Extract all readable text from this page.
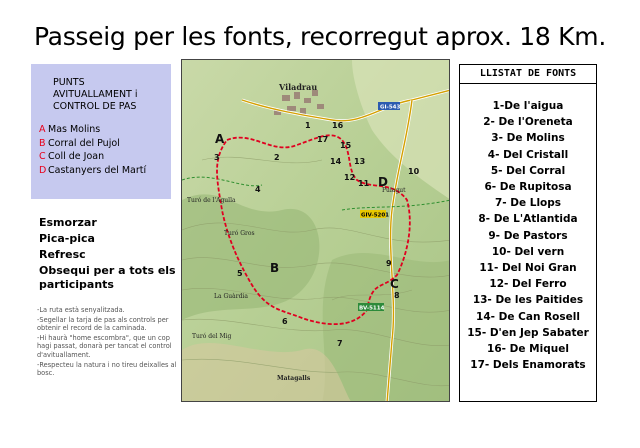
Passeig per les fonts, recorregut aprox. 18 Km.
PUNTS
AVITUALLAMENT i
CONTROL DE PAS
A Mas Molins
B Corral del Pujol
C Coll de Joan
D Castanyers del Martí
Esmorzar
Pica-pica
Refresc
Obsequi per a tots els participants
-La ruta està senyalitzada.
-Segellar la tarja de pas als controls per obtenir el record de la caminada.
-Hi haurà "home escombra", que un cop hagi passat, donarà per tancat el control d'avituallament.
-Respecteu la natura i no tireu deixalles al bosc.
GI-543
GIV-5201
BV-5114
Viladrau
Turó de l'Agulla
Turó Gros
La Guàrdia
Matagalls
Turó del Mig
Puiagut
A
B
C
D
1
2
3
4
5
6
7
8
9
10
11
12
13
14
15
16
17
LLISTAT DE FONTS
1-De l'aigua
2- De l'Oreneta
3- De Molins
4- Del Cristall
5- Del Corral
6- De Rupitosa
7- De Llops
8- De L'Atlantida
9- De Pastors
10- Del vern
11- Del Noi Gran
12- Del Ferro
13- De les Paitides
14- De Can Rosell
15- D'en Jep Sabater
16- De Miquel
17- Dels Enamorats
